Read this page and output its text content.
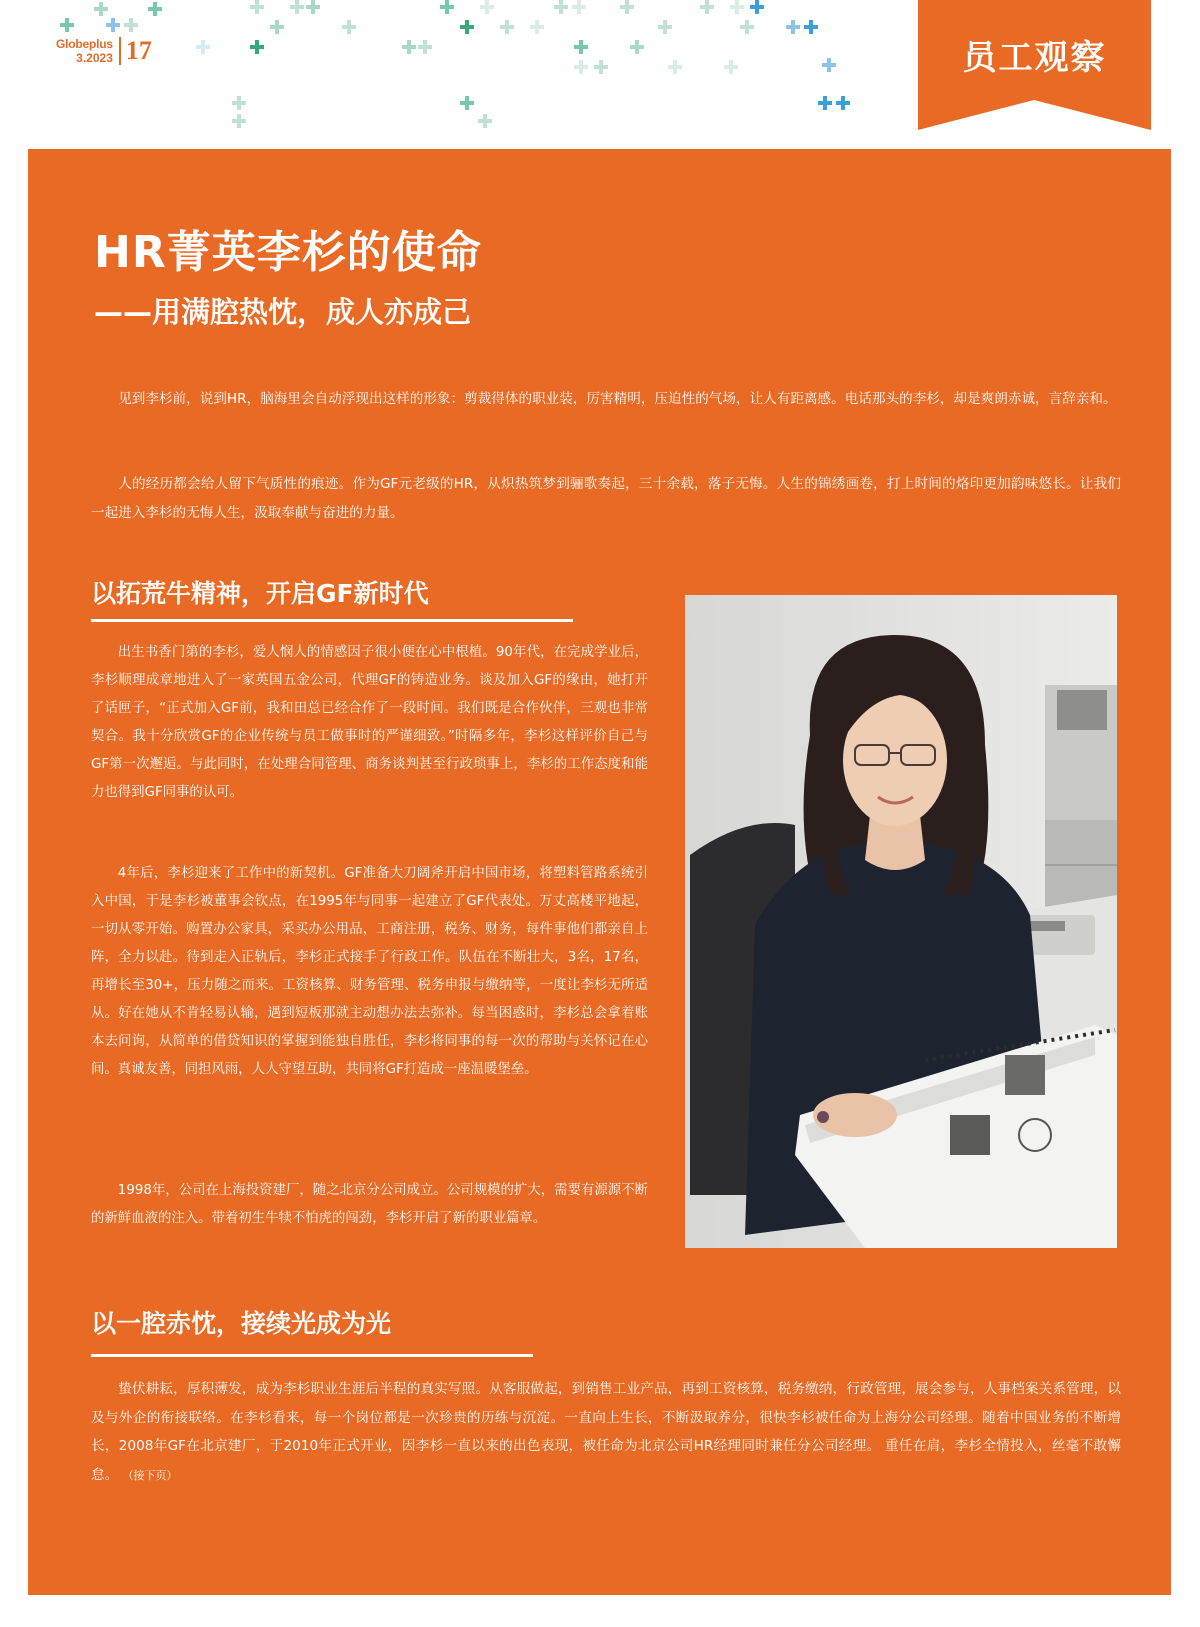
Globeplus
3.2023 17	员工观察
HR菁英李杉的使命
——用满腔热忱，成人亦成己

见到李杉前，说到HR，脑海里会自动浮现出这样的形象：剪裁得体的职业装，厉害精明，压迫性的气场，让人有距离感。电话那头的李杉，却是爽朗赤诚，言辞亲和。

人的经历都会给人留下气质性的痕迹。作为GF元老级的HR，从炽热筑梦到骊歌奏起，三十余载，落子无悔。人生的锦绣画卷，打上时间的烙印更加韵味悠长。让我们一起进入李杉的无悔人生，汲取奉献与奋进的力量。

以拓荒牛精神，开启GF新时代

出生书香门第的李杉，爱人悯人的情感因子很小便在心中根植。90年代，在完成学业后，李杉顺理成章地进入了一家英国五金公司，代理GF的铸造业务。谈及加入GF的缘由，她打开了话匣子，“正式加入GF前，我和田总已经合作了一段时间。我们既是合作伙伴，三观也非常契合。我十分欣赏GF的企业传统与员工做事时的严谨细致。”时隔多年，李杉这样评价自己与GF第一次邂逅。与此同时，在处理合同管理、商务谈判甚至行政琐事上，李杉的工作态度和能力也得到GF同事的认可。

4年后，李杉迎来了工作中的新契机。GF准备大刀阔斧开启中国市场，将塑料管路系统引入中国，于是李杉被董事会钦点，在1995年与同事一起建立了GF代表处。万丈高楼平地起，一切从零开始。购置办公家具，采买办公用品，工商注册，税务、财务，每件事他们都亲自上阵，全力以赴。待到走入正轨后，李杉正式接手了行政工作。队伍在不断壮大，3名，17名，再增长至30+，压力随之而来。工资核算、财务管理、税务申报与缴纳等，一度让李杉无所适从。好在她从不肯轻易认输，遇到短板那就主动想办法去弥补。每当困惑时，李杉总会拿着账本去问询，从简单的借贷知识的掌握到能独自胜任，李杉将同事的每一次的帮助与关怀记在心间。真诚友善，同担风雨，人人守望互助，共同将GF打造成一座温暖堡垒。

1998年，公司在上海投资建厂，随之北京分公司成立。公司规模的扩大，需要有源源不断的新鲜血液的注入。带着初生牛犊不怕虎的闯劲，李杉开启了新的职业篇章。

以一腔赤忱，接续光成为光

蛰伏耕耘，厚积薄发，成为李杉职业生涯后半程的真实写照。从客服做起，到销售工业产品，再到工资核算，税务缴纳，行政管理，展会参与，人事档案关系管理，以及与外企的衔接联络。在李杉看来，每一个岗位都是一次珍贵的历练与沉淀。一直向上生长，不断汲取养分，很快李杉被任命为上海分公司经理。随着中国业务的不断增长，2008年GF在北京建厂，于2010年正式开业，因李杉一直以来的出色表现，被任命为北京公司HR经理同时兼任分公司经理。 重任在肩，李杉全情投入，丝毫不敢懈怠。 （接下页）
